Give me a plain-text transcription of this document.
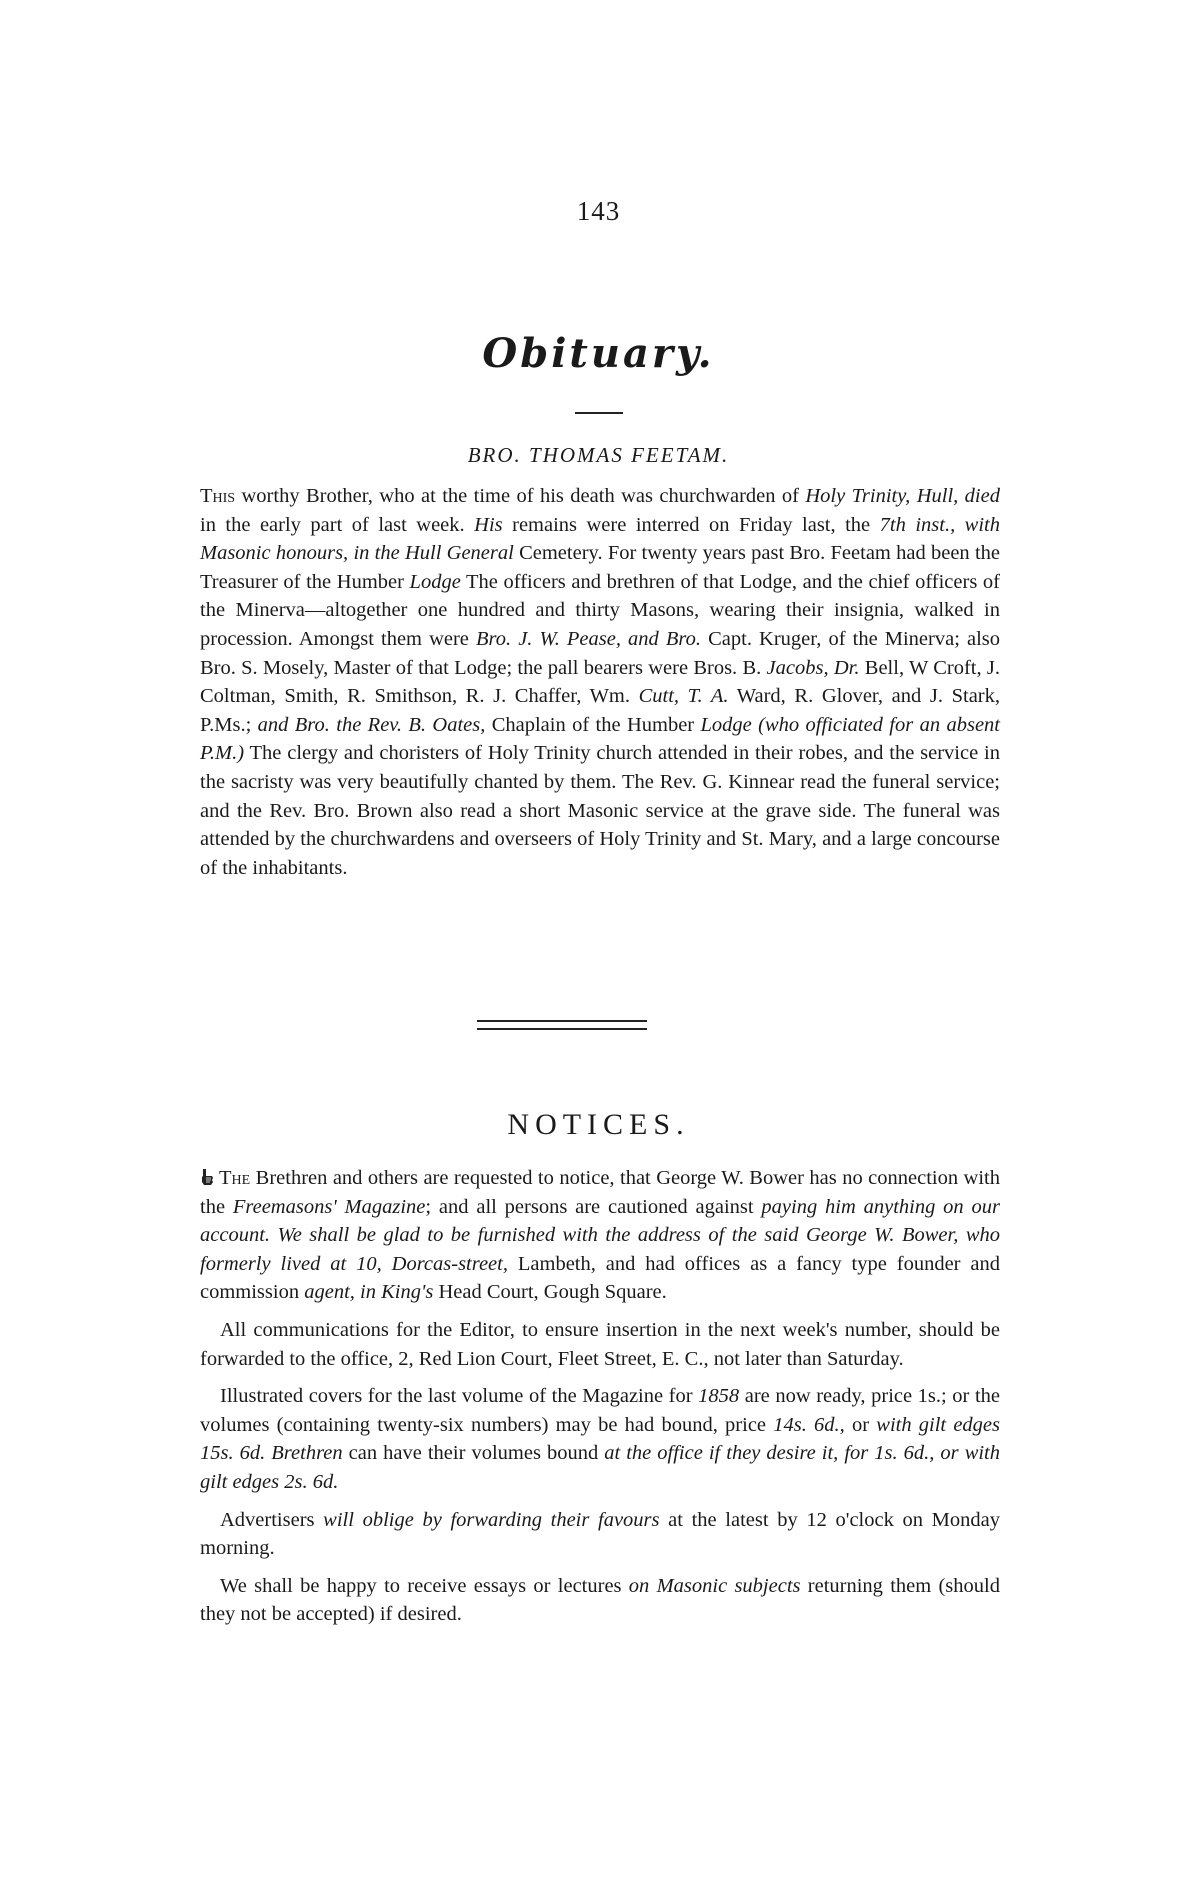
143
Obituary.
BRO. THOMAS FEETAM.

This worthy Brother, who at the time of his death was churchwarden of Holy Trinity, Hull, died in the early part of last week. His remains were interred on Friday last, the 7th inst., with Masonic honours, in the Hull General Cemetery. For twenty years past Bro. Feetam had been the Treasurer of the Humber Lodge The officers and brethren of that Lodge, and the chief officers of the Minerva—altogether one hundred and thirty Masons, wearing their insignia, walked in procession. Amongst them were Bro. J. W. Pease, and Bro. Capt. Kruger, of the Minerva; also Bro. S. Mosely, Master of that Lodge; the pall bearers were Bros. B. Jacobs, Dr. Bell, W Croft, J. Coltman, Smith, R. Smithson, R. J. Chaffer, Wm. Cutt, T. A. Ward, R. Glover, and J. Stark, P.Ms.; and Bro. the Rev. B. Oates, Chaplain of the Humber Lodge (who officiated for an absent P.M.) The clergy and choristers of Holy Trinity church attended in their robes, and the service in the sacristy was very beautifully chanted by them. The Rev. G. Kinnear read the funeral service; and the Rev. Bro. Brown also read a short Masonic service at the grave side. The funeral was attended by the churchwardens and overseers of Holy Trinity and St. Mary, and a large concourse of the inhabitants.

NOTICES.

The Brethren and others are requested to notice, that George W. Bower has no connection with the Freemasons' Magazine; and all persons are cautioned against paying him anything on our account. We shall be glad to be furnished with the address of the said George W. Bower, who formerly lived at 10, Dorcas-street, Lambeth, and had offices as a fancy type founder and commission agent, in King's Head Court, Gough Square.

All communications for the Editor, to ensure insertion in the next week's number, should be forwarded to the office, 2, Red Lion Court, Fleet Street, E. C., not later than Saturday.

Illustrated covers for the last volume of the Magazine for 1858 are now ready, price 1s.; or the volumes (containing twenty-six numbers) may be had bound, price 14s. 6d., or with gilt edges 15s. 6d. Brethren can have their volumes bound at the office if they desire it, for 1s. 6d., or with gilt edges 2s. 6d.

Advertisers will oblige by forwarding their favours at the latest by 12 o'clock on Monday morning.

We shall be happy to receive essays or lectures on Masonic subjects returning them (should they not be accepted) if desired.
